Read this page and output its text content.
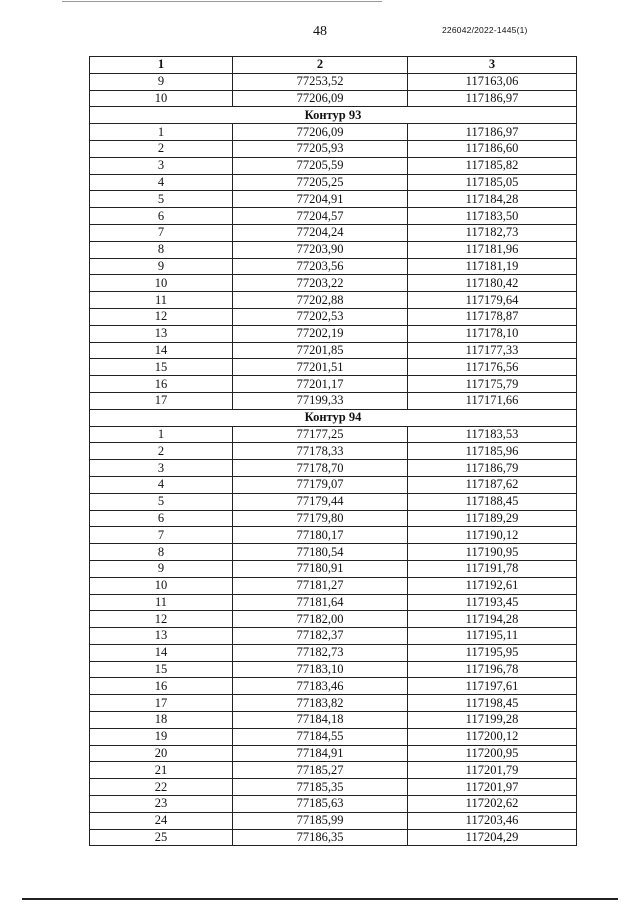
48	226042/2022-1445(1)
1	2	3
9	77253,52	117163,06
10	77206,09	117186,97
Контур 93		
1	77206,09	117186,97
2	77205,93	117186,60
3	77205,59	117185,82
4	77205,25	117185,05
5	77204,91	117184,28
6	77204,57	117183,50
7	77204,24	117182,73
8	77203,90	117181,96
9	77203,56	117181,19
10	77203,22	117180,42
11	77202,88	117179,64
12	77202,53	117178,87
13	77202,19	117178,10
14	77201,85	117177,33
15	77201,51	117176,56
16	77201,17	117175,79
17	77199,33	117171,66
Контур 94		
1	77177,25	117183,53
2	77178,33	117185,96
3	77178,70	117186,79
4	77179,07	117187,62
5	77179,44	117188,45
6	77179,80	117189,29
7	77180,17	117190,12
8	77180,54	117190,95
9	77180,91	117191,78
10	77181,27	117192,61
11	77181,64	117193,45
12	77182,00	117194,28
13	77182,37	117195,11
14	77182,73	117195,95
15	77183,10	117196,78
16	77183,46	117197,61
17	77183,82	117198,45
18	77184,18	117199,28
19	77184,55	117200,12
20	77184,91	117200,95
21	77185,27	117201,79
22	77185,35	117201,97
23	77185,63	117202,62
24	77185,99	117203,46
25	77186,35	117204,29
